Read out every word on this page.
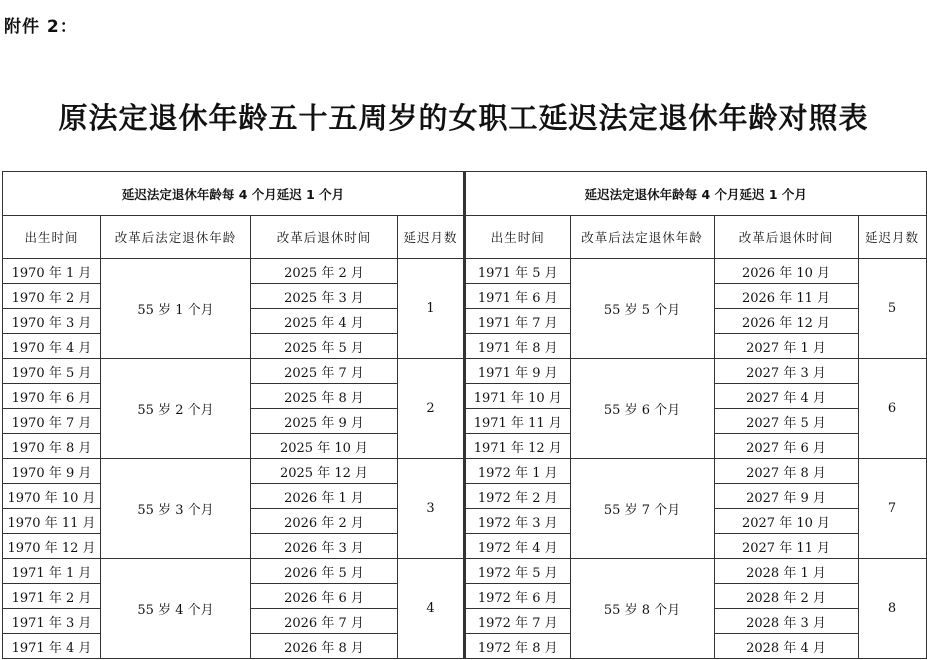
附件 2：
原法定退休年龄五十五周岁的女职工延迟法定退休年龄对照表
延迟法定退休年龄每 4 个月延迟 1 个月			
出生时间	改革后法定退休年龄	改革后退休时间	延迟月数
1970 年 1 月	55 岁 1 个月	2025 年 2 月	1
1970 年 2 月		2025 年 3 月	
1970 年 3 月		2025 年 4 月	
1970 年 4 月		2025 年 5 月	
1970 年 5 月	55 岁 2 个月	2025 年 7 月	2
1970 年 6 月		2025 年 8 月	
1970 年 7 月		2025 年 9 月	
1970 年 8 月		2025 年 10 月	
1970 年 9 月	55 岁 3 个月	2025 年 12 月	3
1970 年 10 月		2026 年 1 月	
1970 年 11 月		2026 年 2 月	
1970 年 12 月		2026 年 3 月	
1971 年 1 月	55 岁 4 个月	2026 年 5 月	4
1971 年 2 月		2026 年 6 月	
1971 年 3 月		2026 年 7 月	
1971 年 4 月		2026 年 8 月	
延迟法定退休年龄每 4 个月延迟 1 个月			
出生时间	改革后法定退休年龄	改革后退休时间	延迟月数
1971 年 5 月	55 岁 5 个月	2026 年 10 月	5
1971 年 6 月		2026 年 11 月	
1971 年 7 月		2026 年 12 月	
1971 年 8 月		2027 年 1 月	
1971 年 9 月	55 岁 6 个月	2027 年 3 月	6
1971 年 10 月		2027 年 4 月	
1971 年 11 月		2027 年 5 月	
1971 年 12 月		2027 年 6 月	
1972 年 1 月	55 岁 7 个月	2027 年 8 月	7
1972 年 2 月		2027 年 9 月	
1972 年 3 月		2027 年 10 月	
1972 年 4 月		2027 年 11 月	
1972 年 5 月	55 岁 8 个月	2028 年 1 月	8
1972 年 6 月		2028 年 2 月	
1972 年 7 月		2028 年 3 月	
1972 年 8 月		2028 年 4 月	
